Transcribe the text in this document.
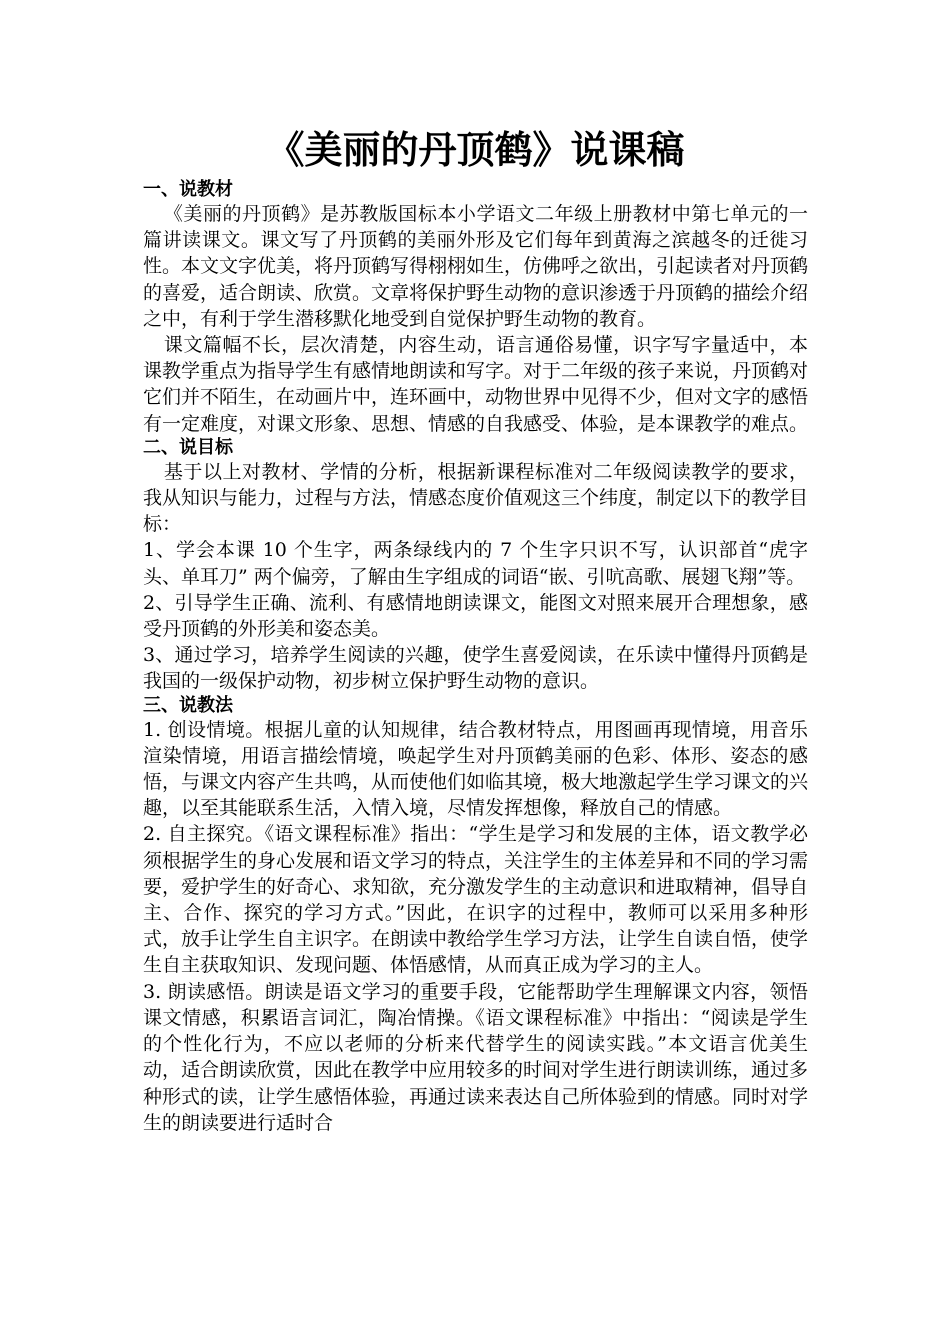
《美丽的丹顶鹤》说课稿
一、说教材

《美丽的丹顶鹤》是苏教版国标本小学语文二年级上册教材中第七单元的一篇讲读课文。课文写了丹顶鹤的美丽外形及它们每年到黄海之滨越冬的迁徙习性。本文文字优美，将丹顶鹤写得栩栩如生，仿佛呼之欲出，引起读者对丹顶鹤的喜爱，适合朗读、欣赏。文章将保护野生动物的意识渗透于丹顶鹤的描绘介绍之中，有利于学生潜移默化地受到自觉保护野生动物的教育。

课文篇幅不长，层次清楚，内容生动，语言通俗易懂，识字写字量适中，本课教学重点为指导学生有感情地朗读和写字。对于二年级的孩子来说，丹顶鹤对它们并不陌生，在动画片中，连环画中，动物世界中见得不少，但对文字的感悟有一定难度，对课文形象、思想、情感的自我感受、体验，是本课教学的难点。

二、说目标

基于以上对教材、学情的分析，根据新课程标准对二年级阅读教学的要求，我从知识与能力，过程与方法，情感态度价值观这三个纬度，制定以下的教学目标：

1、学会本课 10 个生字，两条绿线内的 7 个生字只识不写，认识部首“虎字头、单耳刀” 两个偏旁，了解由生字组成的词语“嵌、引吭高歌、展翅飞翔”等。

2、引导学生正确、流利、有感情地朗读课文，能图文对照来展开合理想象，感受丹顶鹤的外形美和姿态美。

3、通过学习，培养学生阅读的兴趣，使学生喜爱阅读，在乐读中懂得丹顶鹤是我国的一级保护动物，初步树立保护野生动物的意识。

三、说教法

1. 创设情境。根据儿童的认知规律，结合教材特点，用图画再现情境，用音乐渲染情境，用语言描绘情境，唤起学生对丹顶鹤美丽的色彩、体形、姿态的感悟，与课文内容产生共鸣，从而使他们如临其境，极大地激起学生学习课文的兴趣，以至其能联系生活，入情入境，尽情发挥想像，释放自己的情感。

2. 自主探究。《语文课程标准》指出：“学生是学习和发展的主体，语文教学必须根据学生的身心发展和语文学习的特点，关注学生的主体差异和不同的学习需要，爱护学生的好奇心、求知欲，充分激发学生的主动意识和进取精神，倡导自主、合作、探究的学习方式。”因此，在识字的过程中，教师可以采用多种形式，放手让学生自主识字。在朗读中教给学生学习方法，让学生自读自悟，使学生自主获取知识、发现问题、体悟感情，从而真正成为学习的主人。

3. 朗读感悟。朗读是语文学习的重要手段，它能帮助学生理解课文内容，领悟课文情感，积累语言词汇，陶冶情操。《语文课程标准》中指出：“阅读是学生的个性化行为，不应以老师的分析来代替学生的阅读实践。”本文语言优美生动，适合朗读欣赏，因此在教学中应用较多的时间对学生进行朗读训练，通过多种形式的读，让学生感悟体验，再通过读来表达自己所体验到的情感。同时对学生的朗读要进行适时合
